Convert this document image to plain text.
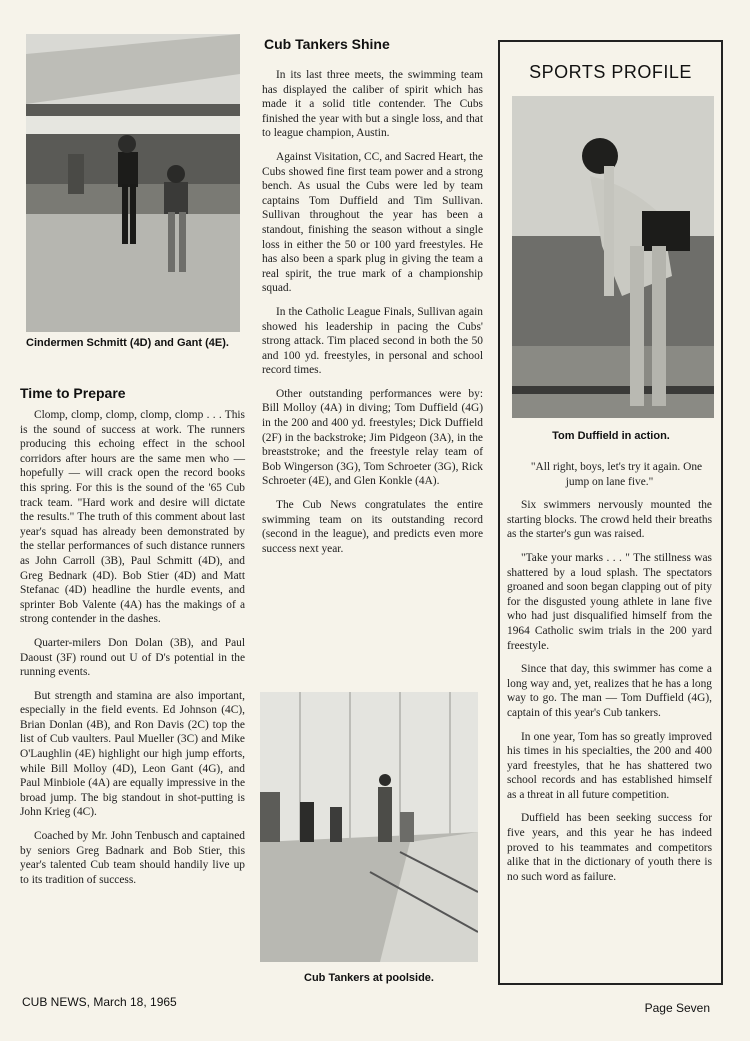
Cindermen Schmitt (4D) and Gant (4E).
Time to Prepare

Clomp, clomp, clomp, clomp, clomp . . . This is the sound of success at work. The runners producing this echoing effect in the school corridors after hours are the same men who — hopefully — will crack open the record books this spring. For this is the sound of the '65 Cub track team. "Hard work and desire will dictate the results." The truth of this comment about last year's squad has already been demonstrated by the stellar performances of such distance runners as John Carroll (3B), Paul Schmitt (4D), and Greg Bednark (4D). Bob Stier (4D) and Matt Stefanac (4D) headline the hurdle events, and sprinter Bob Valente (4A) has the makings of a strong contender in the dashes.

Quarter-milers Don Dolan (3B), and Paul Daoust (3F) round out U of D's potential in the running events.

But strength and stamina are also important, especially in the field events. Ed Johnson (4C), Brian Donlan (4B), and Ron Davis (2C) top the list of Cub vaulters. Paul Mueller (3C) and Mike O'Laughlin (4E) highlight our high jump efforts, while Bill Molloy (4D), Leon Gant (4G), and Paul Minbiole (4A) are equally impressive in the broad jump. The big standout in shot-putting is John Krieg (4C).

Coached by Mr. John Tenbusch and captained by seniors Greg Badnark and Bob Stier, this year's talented Cub team should handily live up to its tradition of success.

Cub Tankers Shine

In its last three meets, the swimming team has displayed the caliber of spirit which has made it a solid title contender. The Cubs finished the year with but a single loss, and that to league champion, Austin.

Against Visitation, CC, and Sacred Heart, the Cubs showed fine first team power and a strong bench. As usual the Cubs were led by team captains Tom Duffield and Tim Sullivan. Sullivan throughout the year has been a standout, finishing the season without a single loss in either the 50 or 100 yard freestyles. He has also been a spark plug in giving the team a real spirit, the true mark of a championship squad.

In the Catholic League Finals, Sullivan again showed his leadership in pacing the Cubs' strong attack. Tim placed second in both the 50 and 100 yd. freestyles, in personal and school record times.

Other outstanding performances were by: Bill Molloy (4A) in diving; Tom Duffield (4G) in the 200 and 400 yd. freestyles; Dick Duffield (2F) in the backstroke; Jim Pidgeon (3A), in the breaststroke; and the freestyle relay team of Bob Wingerson (3G), Tom Schroeter (3G), Rick Schroeter (4E), and Glen Konkle (4A).

The Cub News congratulates the entire swimming team on its outstanding record (second in the league), and predicts even more success next year.

Cub Tankers at poolside.
SPORTS PROFILE
Tom Duffield in action.

"All right, boys, let's try it again. One jump on lane five."

Six swimmers nervously mounted the starting blocks. The crowd held their breaths as the starter's gun was raised.

"Take your marks . . . " The stillness was shattered by a loud splash. The spectators groaned and soon began clapping out of pity for the disgusted young athlete in lane five who had just disqualified himself from the 1964 Catholic swim trials in the 200 yard freestyle.

Since that day, this swimmer has come a long way and, yet, realizes that he has a long way to go. The man — Tom Duffield (4G), captain of this year's Cub tankers.

In one year, Tom has so greatly improved his times in his specialties, the 200 and 400 yard freestyles, that he has shattered two school records and has established himself as a threat in all future competition.

Duffield has been seeking success for five years, and this year he has indeed proved to his teammates and competitors alike that in the dictionary of youth there is no such word as failure.

CUB NEWS, March 18, 1965	Page Seven
